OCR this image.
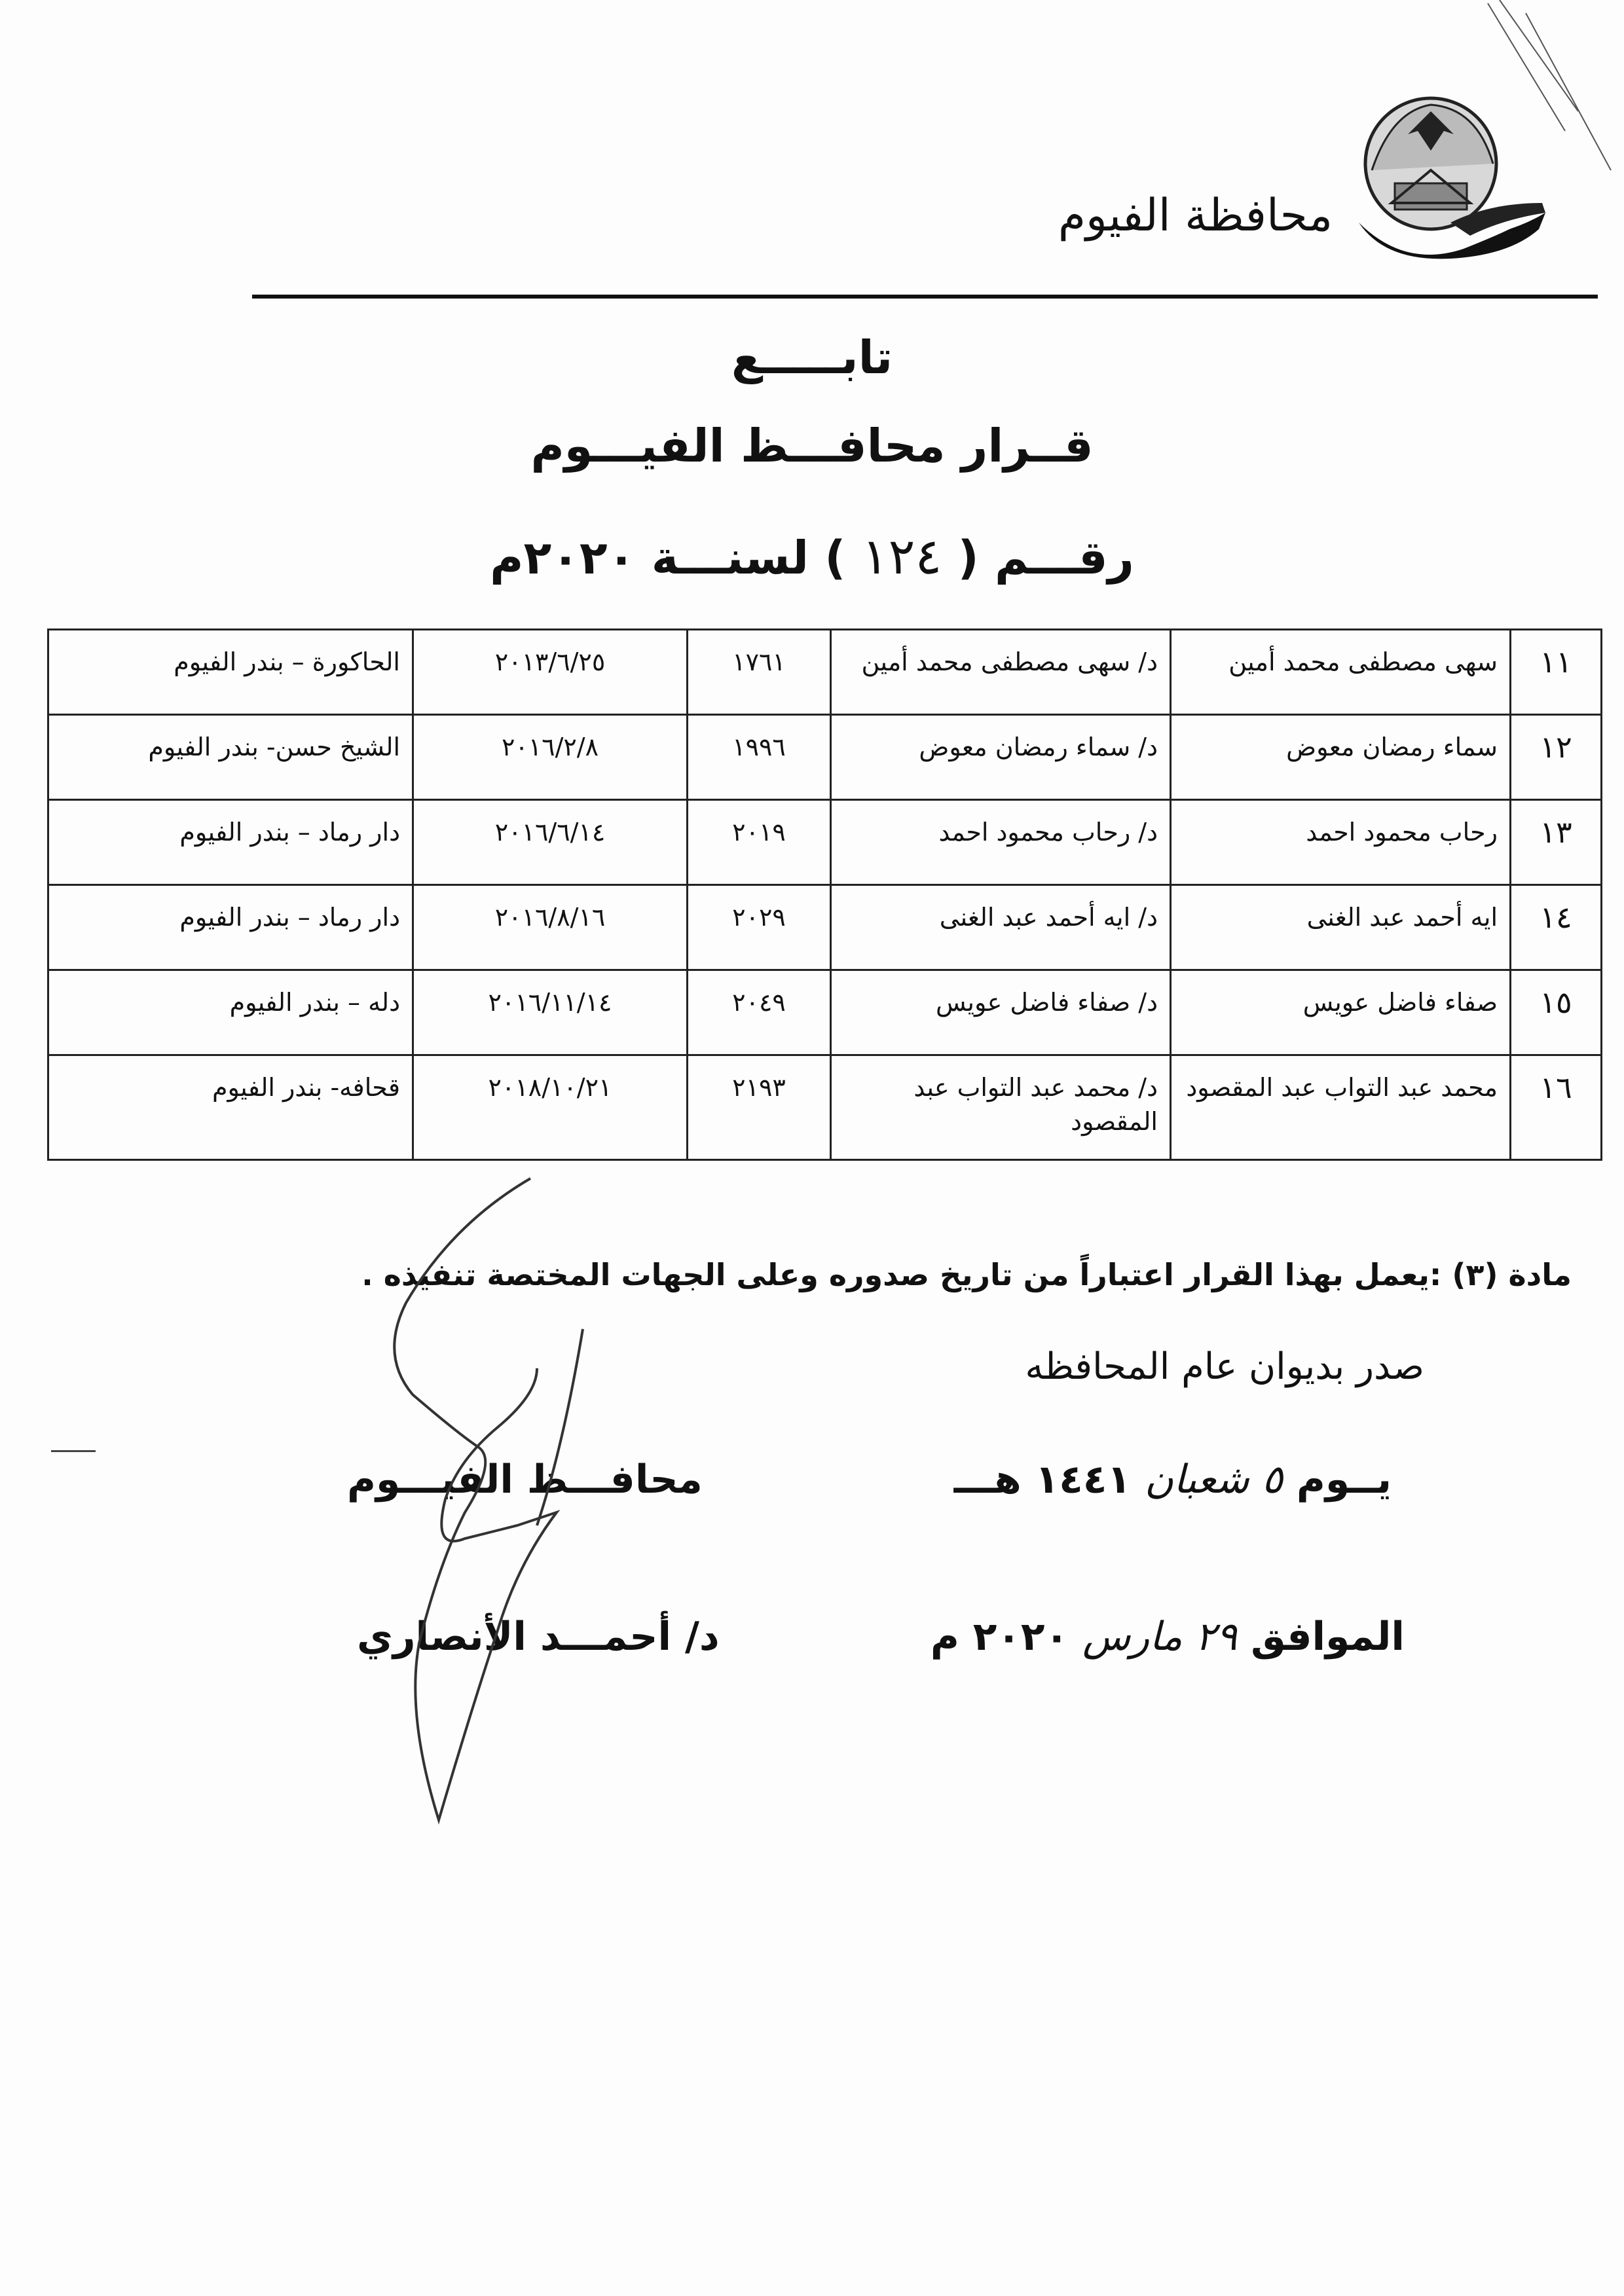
محافظة الفيوم
تابـــــع
قــرار محافـــظ الفيـــوم
رقـــم ( ١٢٤ ) لسنـــة ٢٠٢٠م
١١	سهى مصطفى محمد أمين	د/ سهى مصطفى محمد أمين	١٧٦١	٢٠١٣/٦/٢٥	الحاكورة – بندر الفيوم
١٢	سماء رمضان معوض	د/ سماء رمضان معوض	١٩٩٦	٢٠١٦/٢/٨	الشيخ حسن- بندر الفيوم
١٣	رحاب محمود احمد	د/ رحاب محمود احمد	٢٠١٩	٢٠١٦/٦/١٤	دار رماد – بندر الفيوم
١٤	ايه أحمد عبد الغنى	د/ ايه أحمد عبد الغنى	٢٠٢٩	٢٠١٦/٨/١٦	دار رماد – بندر الفيوم
١٥	صفاء فاضل عويس	د/ صفاء فاضل عويس	٢٠٤٩	٢٠١٦/١١/١٤	دله – بندر الفيوم
١٦	محمد عبد التواب عبد المقصود	د/ محمد عبد التواب عبد المقصود	٢١٩٣	٢٠١٨/١٠/٢١	قحافه- بندر الفيوم
مادة (٣) :يعمل بهذا القرار اعتباراً من تاريخ صدوره وعلى الجهات المختصة تنفيذه .
صدر بديوان عام المحافظه
يــوم ٥ شعبان ١٤٤١ هـــ
محافـــظ الفيـــوم
الموافق ٢٩ مارس ٢٠٢٠ م
د/ أحمـــد الأنصاري
